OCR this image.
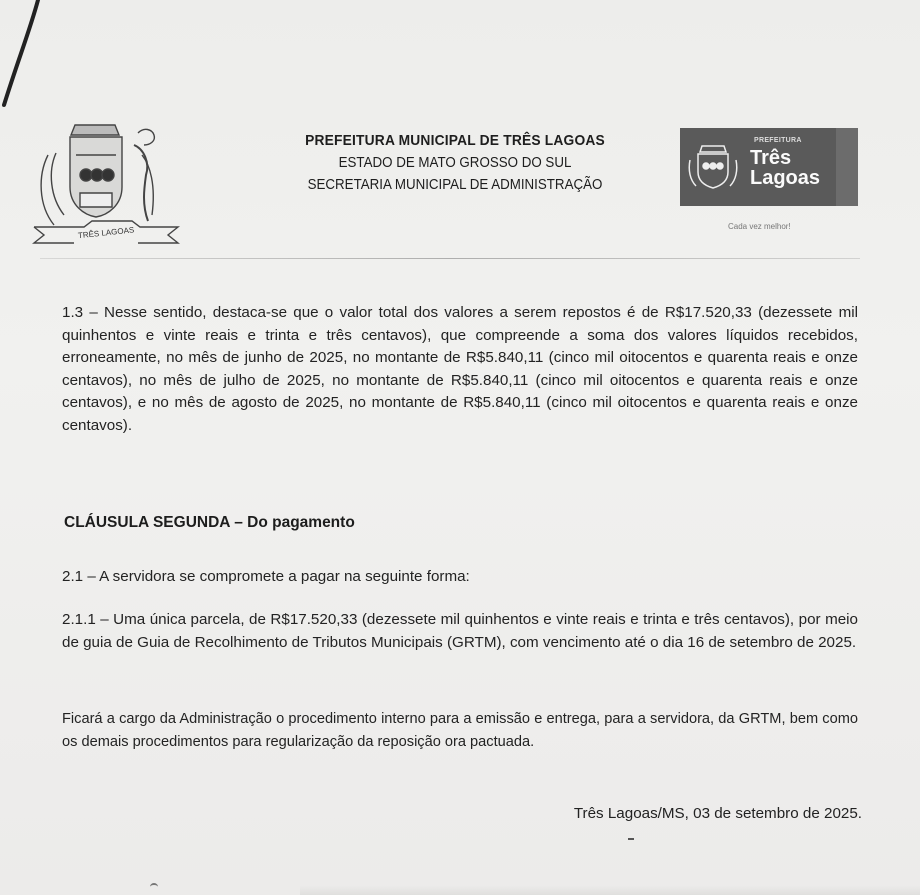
TRÊS LAGOAS
PREFEITURA MUNICIPAL DE TRÊS LAGOAS
ESTADO DE MATO GROSSO DO SUL
SECRETARIA MUNICIPAL DE ADMINISTRAÇÃO
PREFEITURA
Três
Lagoas
Cada vez melhor!

1.3 – Nesse sentido, destaca-se que o valor total dos valores a serem repostos é de R$17.520,33 (dezessete mil quinhentos e vinte reais e trinta e três centavos), que compreende a soma dos valores líquidos recebidos, erroneamente, no mês de junho de 2025, no montante de R$5.840,11 (cinco mil oitocentos e quarenta reais e onze centavos), no mês de julho de 2025, no montante de R$5.840,11 (cinco mil oitocentos e quarenta reais e onze centavos), e no mês de agosto de 2025, no montante de R$5.840,11 (cinco mil oitocentos e quarenta reais e onze centavos).

CLÁUSULA SEGUNDA – Do pagamento

2.1 – A servidora se compromete a pagar na seguinte forma:

2.1.1 – Uma única parcela, de R$17.520,33 (dezessete mil quinhentos e vinte reais e trinta e três centavos), por meio de guia de Guia de Recolhimento de Tributos Municipais (GRTM), com vencimento até o dia 16 de setembro de 2025.

Ficará a cargo da Administração o procedimento interno para a emissão e entrega, para a servidora, da GRTM, bem como os demais procedimentos para regularização da reposição ora pactuada.

Três Lagoas/MS, 03 de setembro de 2025.
